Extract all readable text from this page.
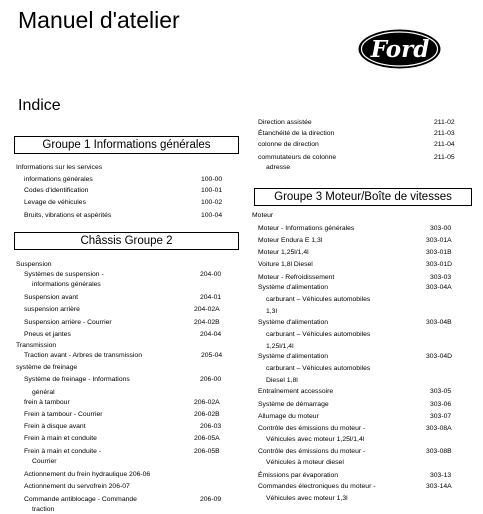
Manuel d'atelier
Ford
Indice
Groupe 1 Informations générales
Informations sur les services
informations générales	100-00
Codes d'identification	100-01
Levage de véhicules	100-02
Bruits, vibrations et aspérités	100-04
Châssis Groupe 2
Suspension
Systèmes de suspension -	204-00
informations générales
Suspension avant	204-01
suspension arrière	204-02A
Suspension arrière - Courrier	204-02B
Pneus et jantes	204-04
Transmission
Traction avant - Arbres de transmission	205-04
système de freinage
Système de freinage - Informations	206-00
général
frein à tambour	206-02A
Frein à tambour - Courrier	206-02B
Frein à disque avant	206-03
Frein à main et conduite	206-05A
Frein à main et conduite -	206-05B
Courrier
Actionnement du frein hydraulique 206-06
Actionnement du servofrein 206-07
Commande antiblocage - Commande	206-09
traction
Direction assistée	211-02
Étanchéité de la direction	211-03
colonne de direction	211-04
commutateurs de colonne	211-05
adresse
Groupe 3 Moteur/Boîte de vitesses
Moteur
Moteur - Informations générales	303-00
Moteur Endura E 1,3l	303-01A
Moteur 1,25l/1,4l	303-01B
Voiture 1,8l Diesel	303-01D
Moteur - Refroidissement	303-03
Système d'alimentation	303-04A
carburant – Véhicules automobiles
1,3l
Système d'alimentation	303-04B
carburant – Véhicules automobiles
1,25l/1,4l
Système d'alimentation	303-04D
carburant – Véhicules automobiles
Diesel 1,8l
Entraînement accessoire	303-05
Système de démarrage	303-06
Allumage du moteur	303-07
Contrôle des émissions du moteur -	303-08A
Véhicules avec moteur 1,25l/1,4l
Contrôle des émissions du moteur -	303-08B
Véhicules à moteur diesel
Émissions par évaporation	303-13
Commandes électroniques du moteur -	303-14A
Véhicules avec moteur 1,3l
